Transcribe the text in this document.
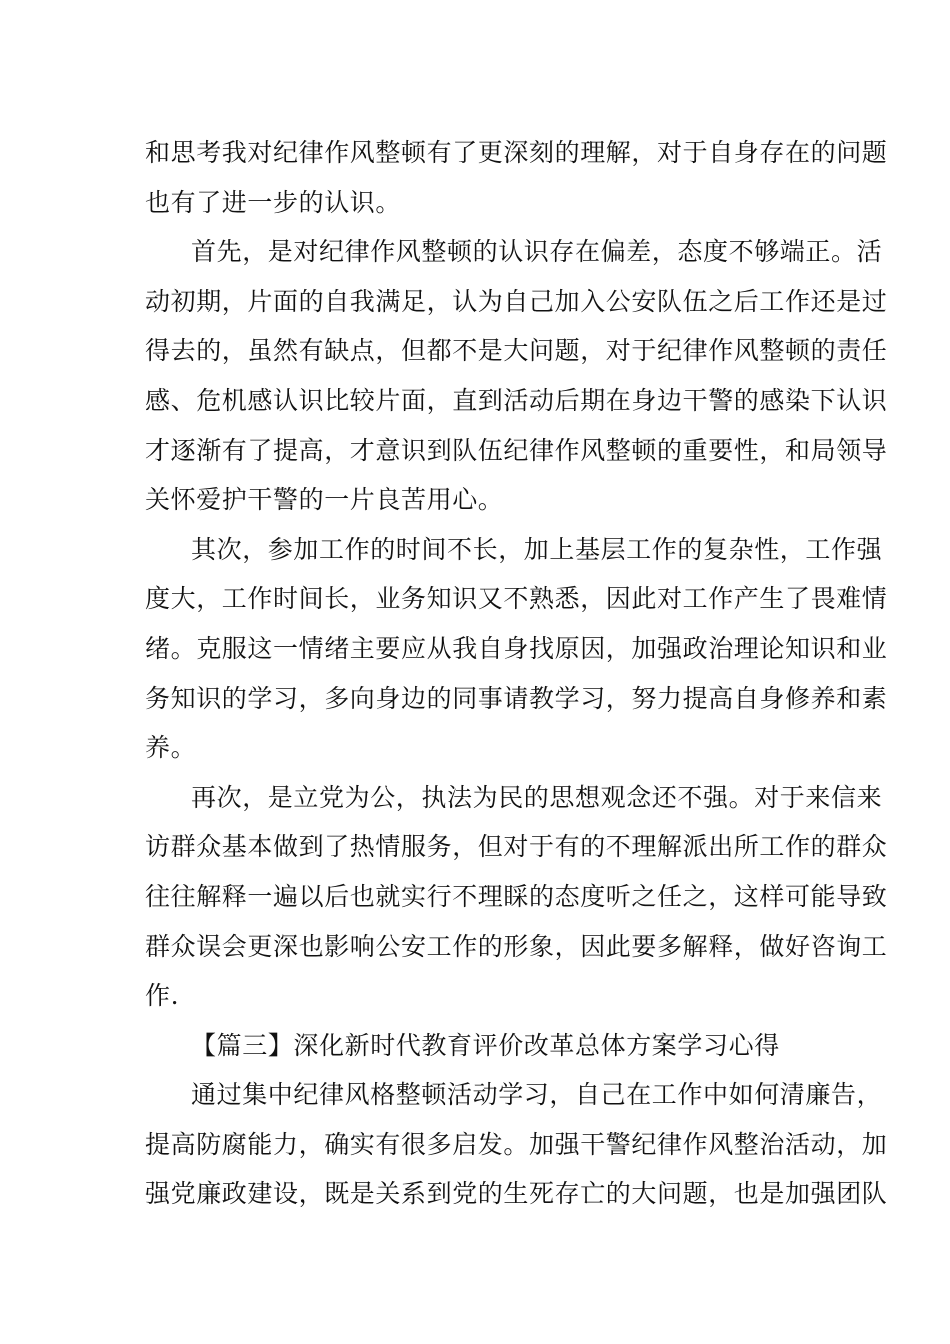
和思考我对纪律作风整顿有了更深刻的理解，对于自身存在的问题
也有了进一步的认识。
首先，是对纪律作风整顿的认识存在偏差，态度不够端正。活
动初期，片面的自我满足，认为自己加入公安队伍之后工作还是过
得去的，虽然有缺点，但都不是大问题，对于纪律作风整顿的责任
感、危机感认识比较片面，直到活动后期在身边干警的感染下认识
才逐渐有了提高，才意识到队伍纪律作风整顿的重要性，和局领导
关怀爱护干警的一片良苦用心。
其次，参加工作的时间不长，加上基层工作的复杂性，工作强
度大，工作时间长，业务知识又不熟悉，因此对工作产生了畏难情
绪。克服这一情绪主要应从我自身找原因，加强政治理论知识和业
务知识的学习，多向身边的同事请教学习，努力提高自身修养和素
养。
再次，是立党为公，执法为民的思想观念还不强。对于来信来
访群众基本做到了热情服务，但对于有的不理解派出所工作的群众
往往解释一遍以后也就实行不理睬的态度听之任之，这样可能导致
群众误会更深也影响公安工作的形象，因此要多解释，做好咨询工
作.
【篇三】深化新时代教育评价改革总体方案学习心得
通过集中纪律风格整顿活动学习，自己在工作中如何清廉告，
提高防腐能力，确实有很多启发。加强干警纪律作风整治活动，加
强党廉政建设，既是关系到党的生死存亡的大问题，也是加强团队
